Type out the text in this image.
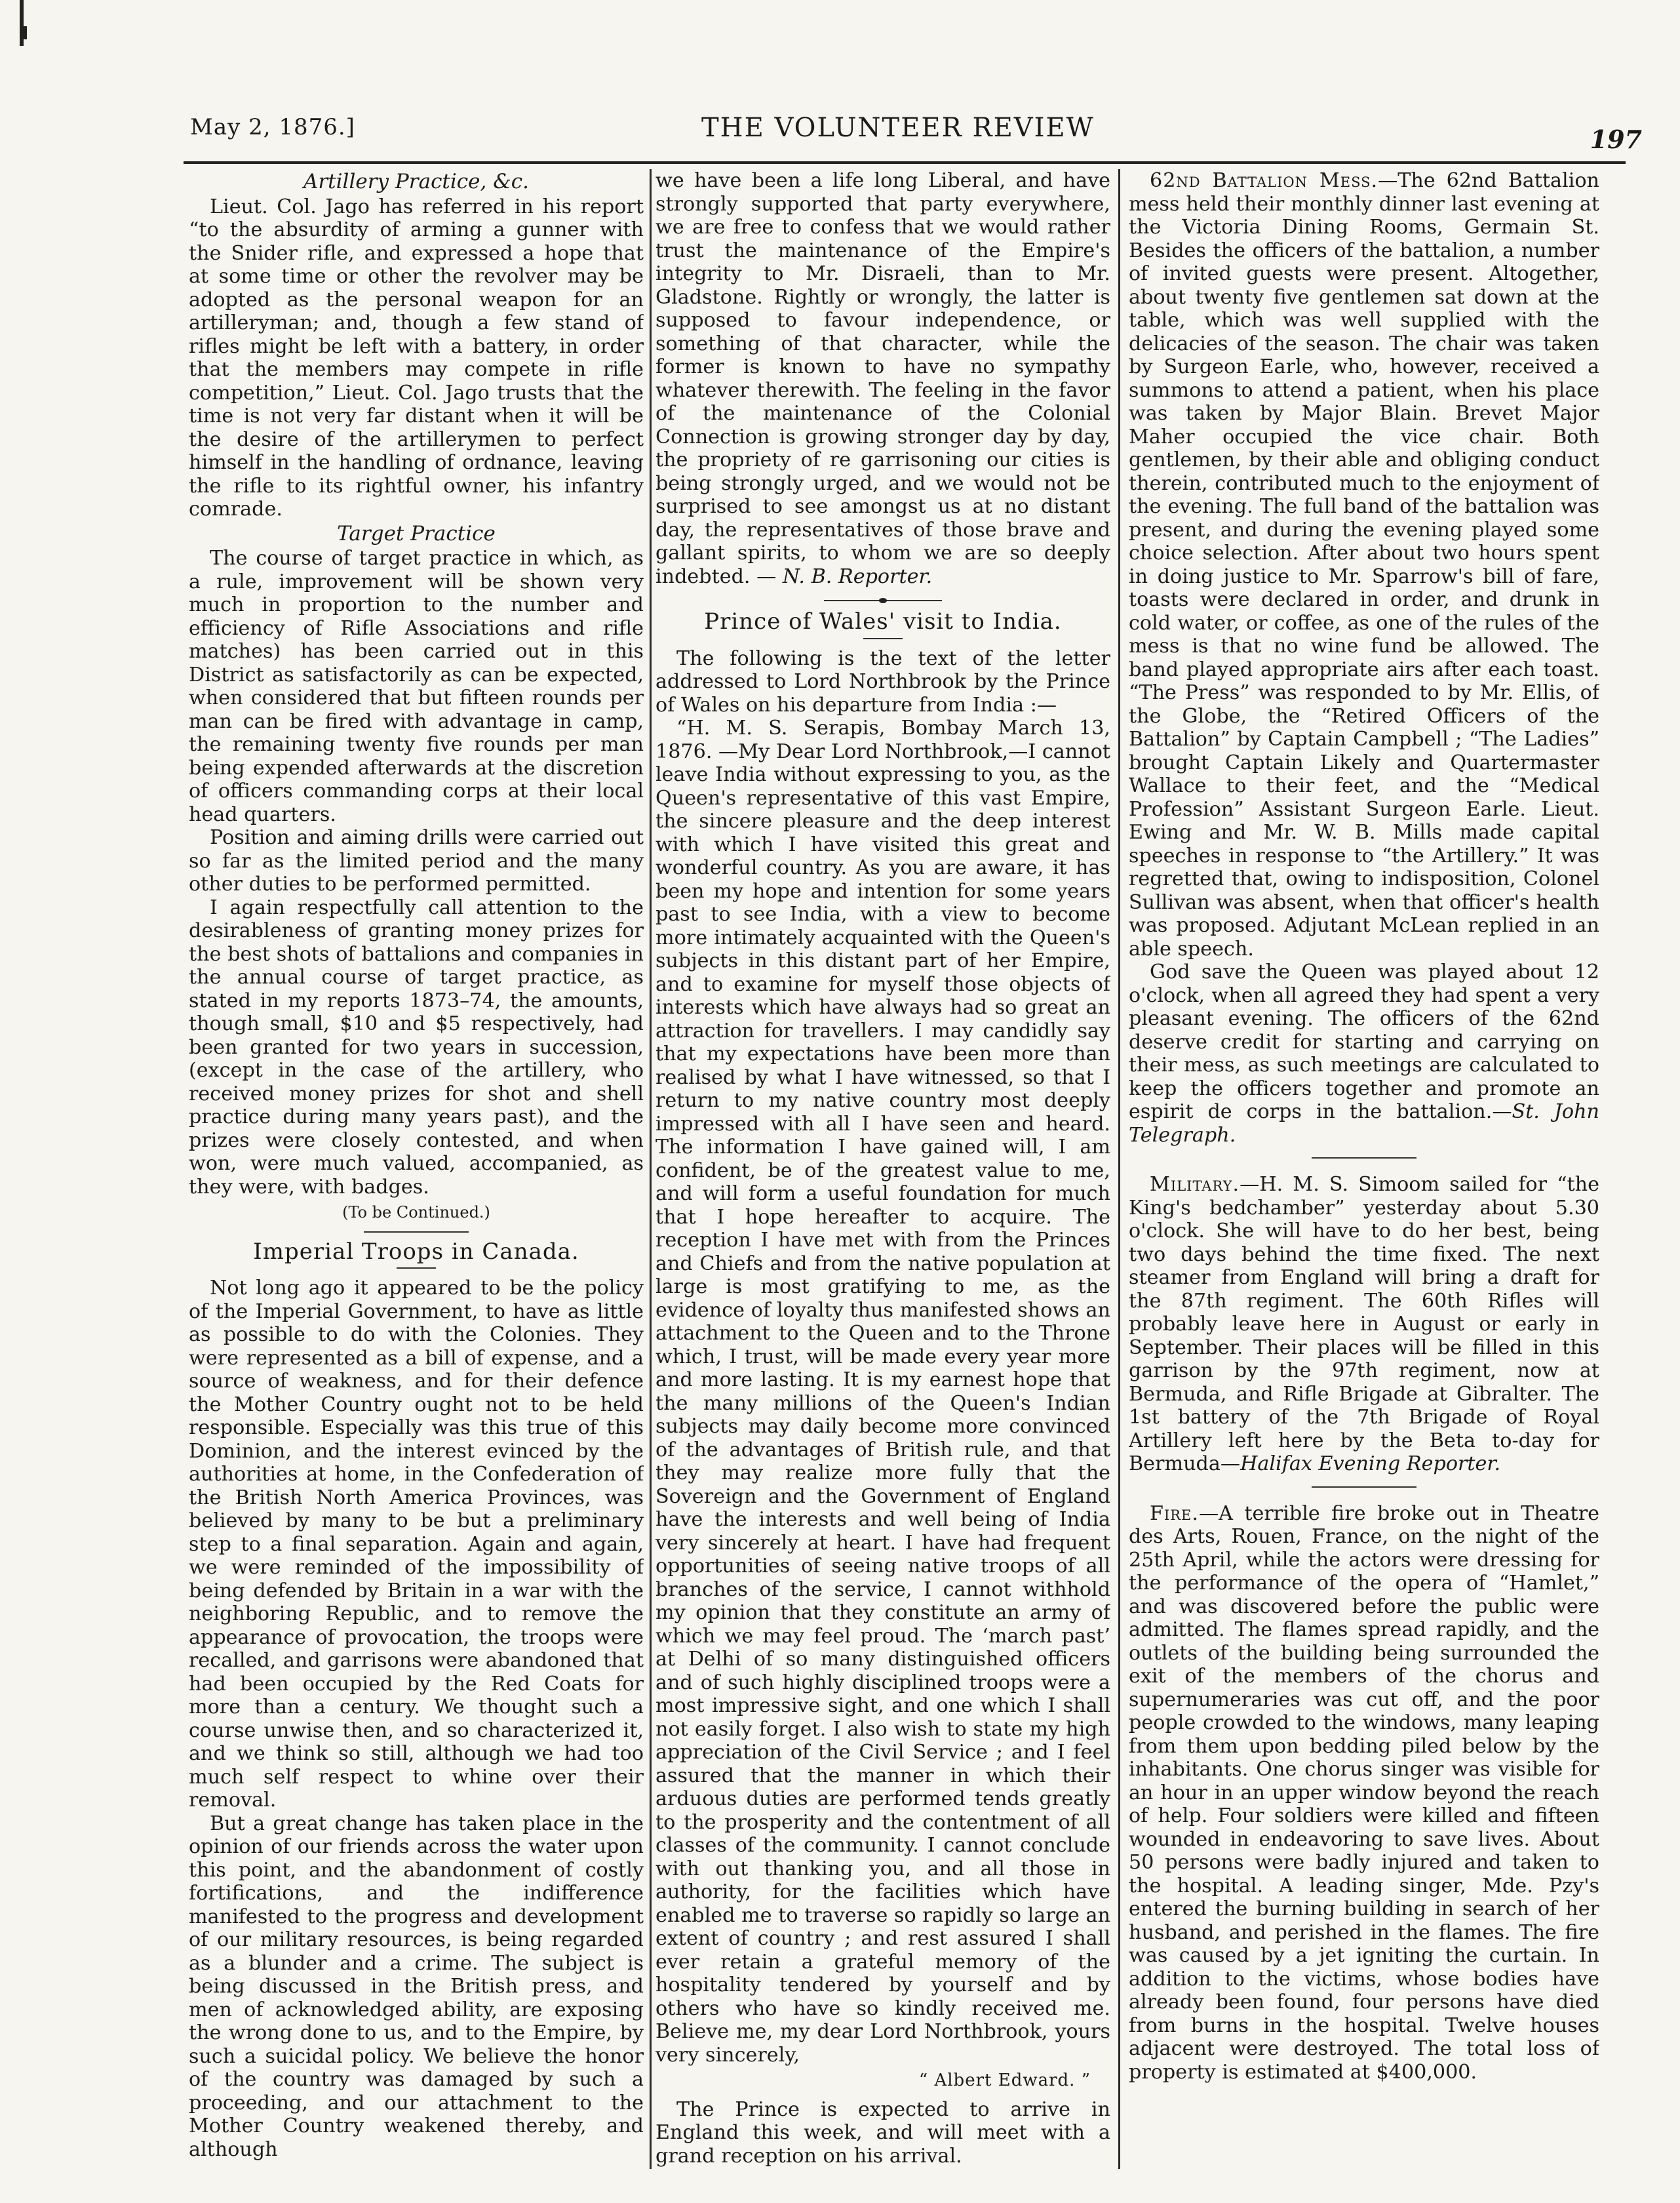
May 2, 1876.]	THE VOLUNTEER REVIEW	197
Artillery Practice, &c.

Lieut. Col. Jago has referred in his report “to the absurdity of arming a gunner with the Snider rifle, and expressed a hope that at some time or other the revolver may be adopted as the personal weapon for an artilleryman; and, though a few stand of rifles might be left with a battery, in order that the members may compete in rifle competition,” Lieut. Col. Jago trusts that the time is not very far distant when it will be the desire of the artillerymen to perfect himself in the handling of ordnance, leaving the rifle to its rightful owner, his infantry comrade.

Target Practice

The course of target practice in which, as a rule, improvement will be shown very much in proportion to the number and efficiency of Rifle Associations and rifle matches) has been carried out in this District as satisfactorily as can be expected, when considered that but fifteen rounds per man can be fired with advantage in camp, the remaining twenty five rounds per man being expended afterwards at the discretion of officers commanding corps at their local head quarters.

Position and aiming drills were carried out so far as the limited period and the many other duties to be performed permitted.

I again respectfully call attention to the desirableness of granting money prizes for the best shots of battalions and companies in the annual course of target practice, as stated in my reports 1873–74, the amounts, though small, $10 and $5 respectively, had been granted for two years in succession, (except in the case of the artillery, who received money prizes for shot and shell practice during many years past), and the prizes were closely contested, and when won, were much valued, accompanied, as they were, with badges.

(To be Continued.)
Imperial Troops in Canada.

Not long ago it appeared to be the policy of the Imperial Government, to have as little as possible to do with the Colonies. They were represented as a bill of expense, and a source of weakness, and for their defence the Mother Country ought not to be held responsible. Especially was this true of this Dominion, and the interest evinced by the authorities at home, in the Confederation of the British North America Provinces, was believed by many to be but a preliminary step to a final separation. Again and again, we were reminded of the impossibility of being defended by Britain in a war with the neighboring Republic, and to remove the appearance of provocation, the troops were recalled, and garrisons were abandoned that had been occupied by the Red Coats for more than a century. We thought such a course unwise then, and so characterized it, and we think so still, although we had too much self respect to whine over their removal.

But a great change has taken place in the opinion of our friends across the water upon this point, and the abandonment of costly fortifications, and the indifference manifested to the progress and development of our military resources, is being regarded as a blunder and a crime. The subject is being discussed in the British press, and men of acknowledged ability, are exposing the wrong done to us, and to the Empire, by such a suicidal policy. We believe the honor of the country was damaged by such a proceeding, and our attachment to the Mother Country weakened thereby, and although

we have been a life long Liberal, and have strongly supported that party everywhere, we are free to confess that we would rather trust the maintenance of the Empire's integrity to Mr. Disraeli, than to Mr. Gladstone. Rightly or wrongly, the latter is supposed to favour independence, or something of that character, while the former is known to have no sympathy whatever therewith. The feeling in the favor of the maintenance of the Colonial Connection is growing stronger day by day, the propriety of re garrisoning our cities is being strongly urged, and we would not be surprised to see amongst us at no distant day, the representatives of those brave and gallant spirits, to whom we are so deeply indebted. — N. B. Reporter.

Prince of Wales' visit to India.

The following is the text of the letter addressed to Lord Northbrook by the Prince of Wales on his departure from India :—

“H. M. S. Serapis, Bombay March 13, 1876. —My Dear Lord Northbrook,—I cannot leave India without expressing to you, as the Queen's representative of this vast Empire, the sincere pleasure and the deep interest with which I have visited this great and wonderful country. As you are aware, it has been my hope and intention for some years past to see India, with a view to become more intimately acquainted with the Queen's subjects in this distant part of her Empire, and to examine for myself those objects of interests which have always had so great an attraction for travellers. I may candidly say that my expectations have been more than realised by what I have witnessed, so that I return to my native country most deeply impressed with all I have seen and heard. The information I have gained will, I am confident, be of the greatest value to me, and will form a useful foundation for much that I hope hereafter to acquire. The reception I have met with from the Princes and Chiefs and from the native population at large is most gratifying to me, as the evidence of loyalty thus manifested shows an attachment to the Queen and to the Throne which, I trust, will be made every year more and more lasting. It is my earnest hope that the many millions of the Queen's Indian subjects may daily become more convinced of the advantages of British rule, and that they may realize more fully that the Sovereign and the Government of England have the interests and well being of India very sincerely at heart. I have had frequent opportunities of seeing native troops of all branches of the service, I cannot withhold my opinion that they constitute an army of which we may feel proud. The ‘march past’ at Delhi of so many distinguished officers and of such highly disciplined troops were a most impressive sight, and one which I shall not easily forget. I also wish to state my high appreciation of the Civil Service ; and I feel assured that the manner in which their arduous duties are performed tends greatly to the prosperity and the contentment of all classes of the community. I cannot conclude with out thanking you, and all those in authority, for the facilities which have enabled me to traverse so rapidly so large an extent of country ; and rest assured I shall ever retain a grateful memory of the hospitality tendered by yourself and by others who have so kindly received me. Believe me, my dear Lord Northbrook, yours very sincerely,

“ Albert Edward. ”

The Prince is expected to arrive in England this week, and will meet with a grand reception on his arrival.

62nd Battalion Mess.—The 62nd Battalion mess held their monthly dinner last evening at the Victoria Dining Rooms, Germain St. Besides the officers of the battalion, a number of invited guests were present. Altogether, about twenty five gentlemen sat down at the table, which was well supplied with the delicacies of the season. The chair was taken by Surgeon Earle, who, however, received a summons to attend a patient, when his place was taken by Major Blain. Brevet Major Maher occupied the vice chair. Both gentlemen, by their able and obliging conduct therein, contributed much to the enjoyment of the evening. The full band of the battalion was present, and during the evening played some choice selection. After about two hours spent in doing justice to Mr. Sparrow's bill of fare, toasts were declared in order, and drunk in cold water, or coffee, as one of the rules of the mess is that no wine fund be allowed. The band played appropriate airs after each toast. “The Press” was responded to by Mr. Ellis, of the Globe, the “Retired Officers of the Battalion” by Captain Campbell ; “The Ladies” brought Captain Likely and Quartermaster Wallace to their feet, and the “Medical Profession” Assistant Surgeon Earle. Lieut. Ewing and Mr. W. B. Mills made capital speeches in response to “the Artillery.” It was regretted that, owing to indisposition, Colonel Sullivan was absent, when that officer's health was proposed. Adjutant McLean replied in an able speech.

God save the Queen was played about 12 o'clock, when all agreed they had spent a very pleasant evening. The officers of the 62nd deserve credit for starting and carrying on their mess, as such meetings are calculated to keep the officers together and promote an espirit de corps in the battalion.—St. John Telegraph.

Military.—H. M. S. Simoom sailed for “the King's bedchamber” yesterday about 5.30 o'clock. She will have to do her best, being two days behind the time fixed. The next steamer from England will bring a draft for the 87th regiment. The 60th Rifles will probably leave here in August or early in September. Their places will be filled in this garrison by the 97th regiment, now at Bermuda, and Rifle Brigade at Gibralter. The 1st battery of the 7th Brigade of Royal Artillery left here by the Beta to-day for Bermuda—Halifax Evening Reporter.

Fire.—A terrible fire broke out in Theatre des Arts, Rouen, France, on the night of the 25th April, while the actors were dressing for the performance of the opera of “Hamlet,” and was discovered before the public were admitted. The flames spread rapidly, and the outlets of the building being surrounded the exit of the members of the chorus and supernumeraries was cut off, and the poor people crowded to the windows, many leaping from them upon bedding piled below by the inhabitants. One chorus singer was visible for an hour in an upper window beyond the reach of help. Four soldiers were killed and fifteen wounded in endeavoring to save lives. About 50 persons were badly injured and taken to the hospital. A leading singer, Mde. Pzy's entered the burning building in search of her husband, and perished in the flames. The fire was caused by a jet igniting the curtain. In addition to the victims, whose bodies have already been found, four persons have died from burns in the hospital. Twelve houses adjacent were destroyed. The total loss of property is estimated at $400,000.
